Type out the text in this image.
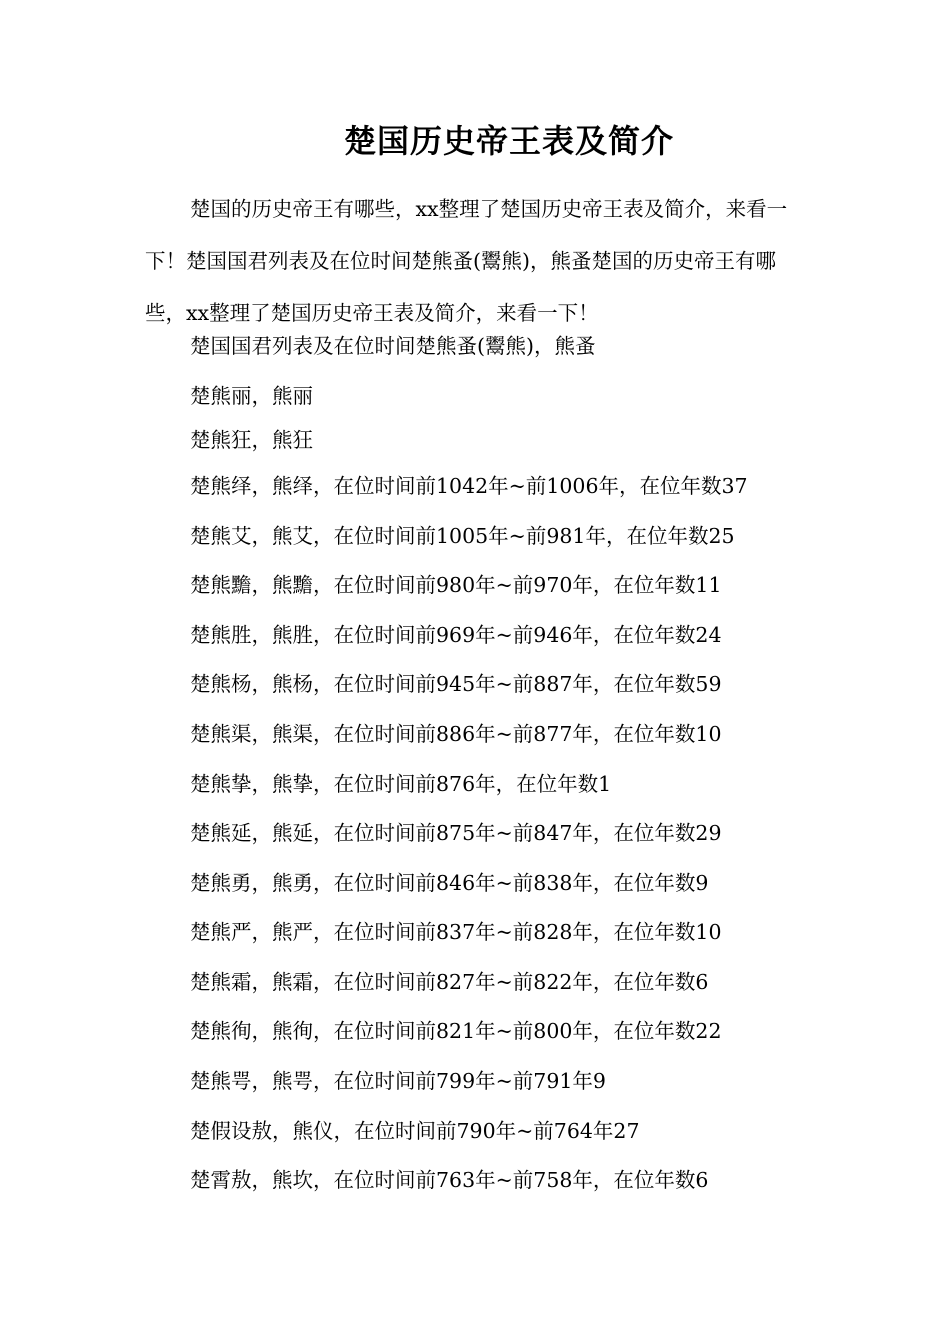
楚国历史帝王表及简介

楚国的历史帝王有哪些，xx整理了楚国历史帝王表及简介，来看一下！楚国国君列表及在位时间楚熊蚤(鬻熊)，熊蚤楚国的历史帝王有哪些，xx整理了楚国历史帝王表及简介，来看一下！

楚国国君列表及在位时间楚熊蚤(鬻熊)，熊蚤

楚熊丽，熊丽

楚熊狂，熊狂

楚熊绎，熊绎，在位时间前1042年~前1006年，在位年数37

楚熊艾，熊艾，在位时间前1005年~前981年，在位年数25

楚熊黵，熊黵，在位时间前980年~前970年，在位年数11

楚熊胜，熊胜，在位时间前969年~前946年，在位年数24

楚熊杨，熊杨，在位时间前945年~前887年，在位年数59

楚熊渠，熊渠，在位时间前886年~前877年，在位年数10

楚熊挚，熊挚，在位时间前876年，在位年数1

楚熊延，熊延，在位时间前875年~前847年，在位年数29

楚熊勇，熊勇，在位时间前846年~前838年，在位年数9

楚熊严，熊严，在位时间前837年~前828年，在位年数10

楚熊霜，熊霜，在位时间前827年~前822年，在位年数6

楚熊徇，熊徇，在位时间前821年~前800年，在位年数22

楚熊咢，熊咢，在位时间前799年~前791年9

楚假设敖，熊仪，在位时间前790年~前764年27

楚霄敖，熊坎，在位时间前763年~前758年，在位年数6
